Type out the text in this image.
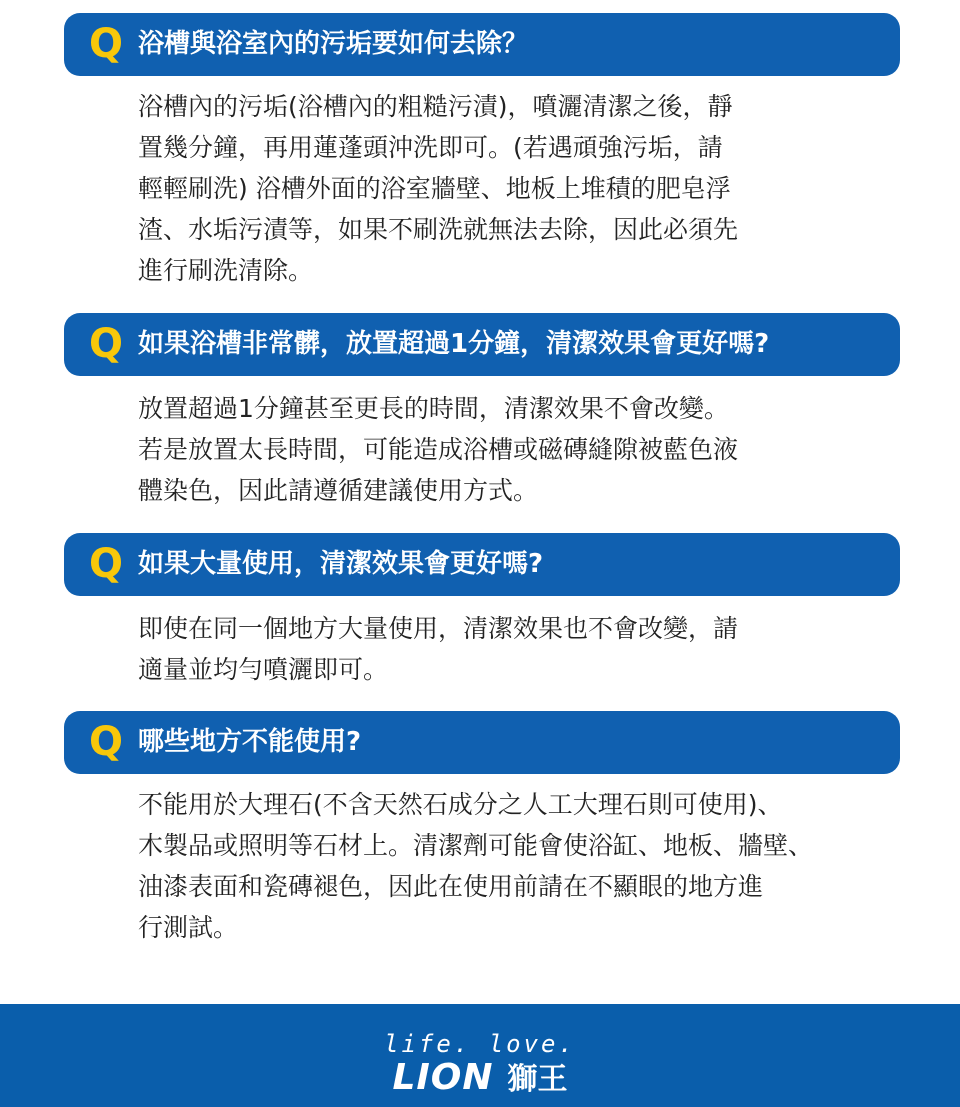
Q 浴槽與浴室內的污垢要如何去除？
浴槽內的污垢(浴槽內的粗糙污漬)，噴灑清潔之後，靜
置幾分鐘，再用蓮蓬頭沖洗即可。(若遇頑強污垢，請
輕輕刷洗) 浴槽外面的浴室牆壁、地板上堆積的肥皂浮
渣、水垢污漬等，如果不刷洗就無法去除，因此必須先
進行刷洗清除。
Q 如果浴槽非常髒，放置超過1分鐘，清潔效果會更好嗎?
放置超過1分鐘甚至更長的時間，清潔效果不會改變。
若是放置太長時間，可能造成浴槽或磁磚縫隙被藍色液
體染色，因此請遵循建議使用方式。
Q 如果大量使用，清潔效果會更好嗎?
即使在同一個地方大量使用，清潔效果也不會改變，請
適量並均勻噴灑即可。
Q 哪些地方不能使用?
不能用於大理石(不含天然石成分之人工大理石則可使用)、
木製品或照明等石材上。清潔劑可能會使浴缸、地板、牆壁、
油漆表面和瓷磚褪色，因此在使用前請在不顯眼的地方進
行測試。
life. love.
LION 獅王
